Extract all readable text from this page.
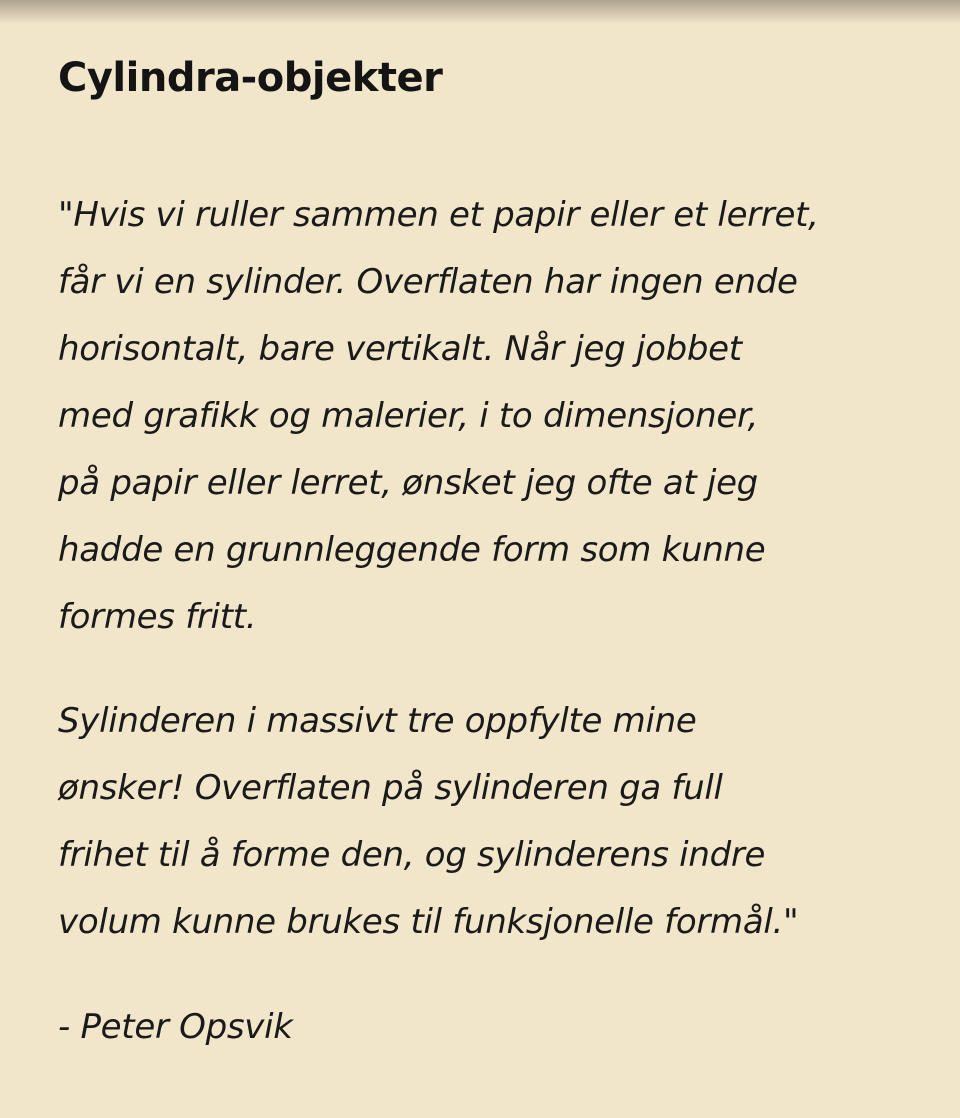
Cylindra-objekter

"Hvis vi ruller sammen et papir eller et lerret,
får vi en sylinder. Overflaten har ingen ende
horisontalt, bare vertikalt. Når jeg jobbet
med grafikk og malerier, i to dimensjoner,
på papir eller lerret, ønsket jeg ofte at jeg
hadde en grunnleggende form som kunne
formes fritt.

Sylinderen i massivt tre oppfylte mine
ønsker! Overflaten på sylinderen ga full
frihet til å forme den, og sylinderens indre
volum kunne brukes til funksjonelle formål."

- Peter Opsvik
